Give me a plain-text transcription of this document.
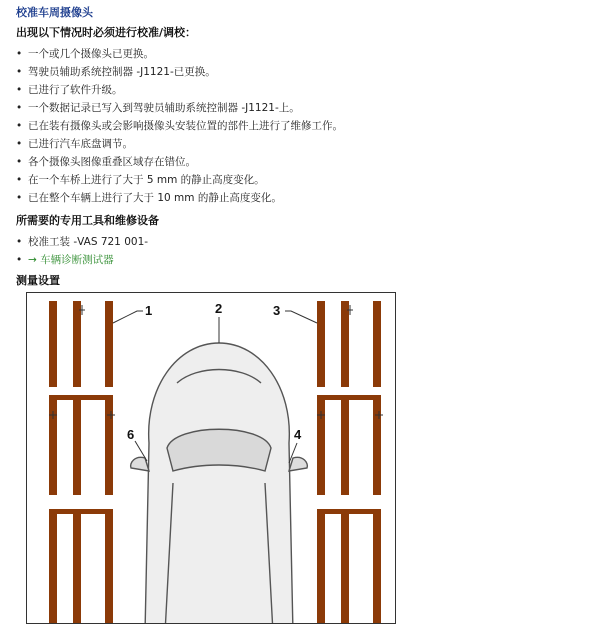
校准车周摄像头
出现以下情况时必须进行校准/调校：
• 一个或几个摄像头已更换。
• 驾驶员辅助系统控制器 -J1121-已更换。
• 已进行了软件升级。
• 一个数据记录已写入到驾驶员辅助系统控制器 -J1121-上。
• 已在装有摄像头或会影响摄像头安装位置的部件上进行了维修工作。
• 已进行汽车底盘调节。
• 各个摄像头图像重叠区域存在错位。
• 在一个车桥上进行了大于 5 mm 的静止高度变化。
• 已在整个车辆上进行了大于 10 mm 的静止高度变化。
所需要的专用工具和维修设备
• 校准工装 -VAS 721 001-
• → 车辆诊断测试器
测量设置
1	2	3
4
6
